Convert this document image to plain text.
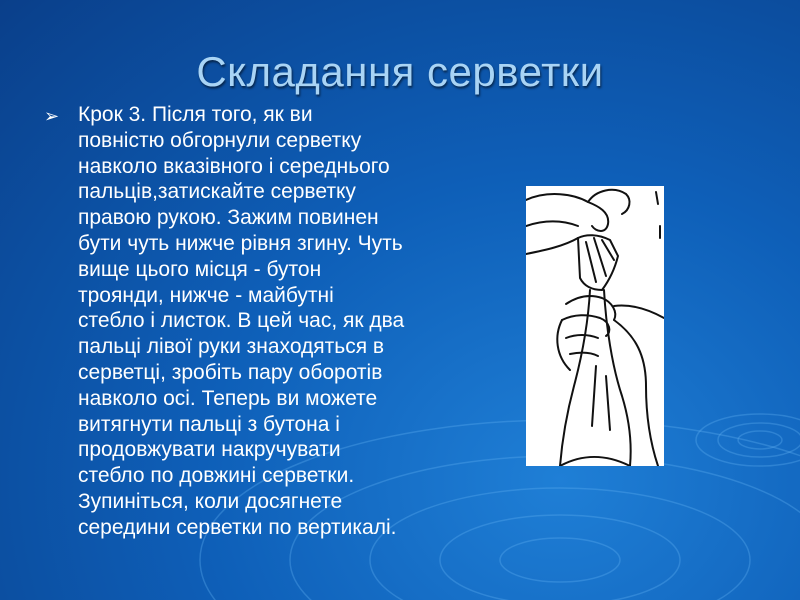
Складання серветки
➢ Крок 3. Після того, як ви
повністю обгорнули серветку
навколо вказівного і середнього
пальців,затискайте серветку
правою рукою. Зажим повинен
бути чуть нижче рівня згину. Чуть
вище цього місця - бутон
троянди, нижче - майбутні
стебло і листок. В цей час, як два
пальці лівої руки знаходяться в
серветці, зробіть пару оборотів
навколо осі. Теперь ви можете
витягнути пальці з бутона і
продовжувати накручувати
стебло по довжині серветки.
Зупиніться, коли досягнете
середини серветки по вертикалі.
